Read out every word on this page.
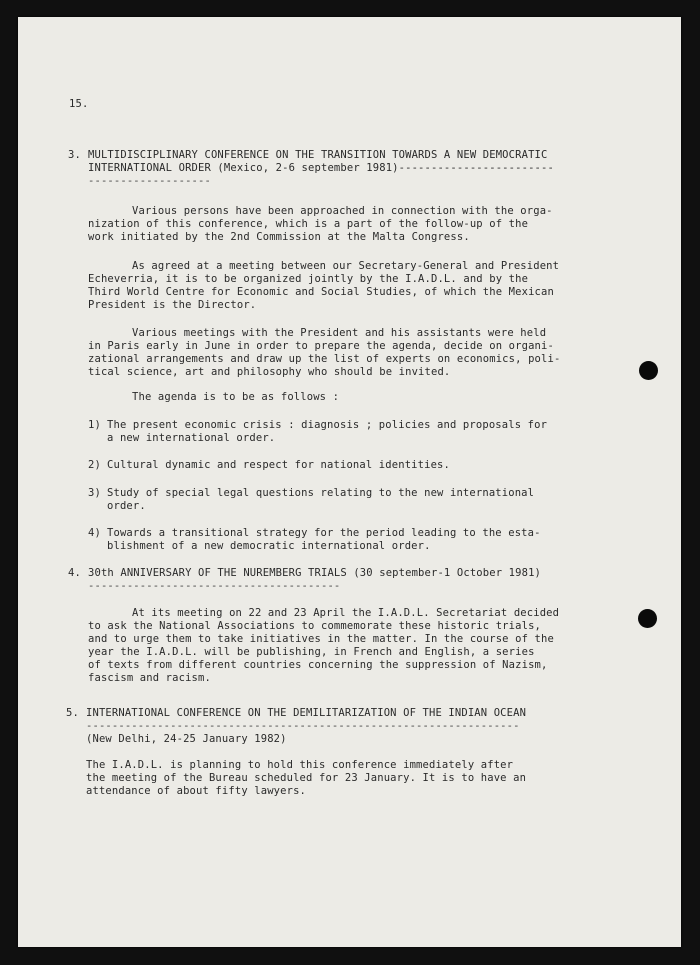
15.
3. MULTIDISCIPLINARY CONFERENCE ON THE TRANSITION TOWARDS A NEW DEMOCRATIC
INTERNATIONAL ORDER (Mexico, 2-6 september 1981)------------------------
-------------------
Various persons have been approached in connection with the orga-
nization of this conference, which is a part of the follow-up of the
work initiated by the 2nd Commission at the Malta Congress.
As agreed at a meeting between our Secretary-General and President
Echeverria, it is to be organized jointly by the I.A.D.L. and by the
Third World Centre for Economic and Social Studies, of which the Mexican
President is the Director.
Various meetings with the President and his assistants were held
in Paris early in June in order to prepare the agenda, decide on organi-
zational arrangements and draw up the list of experts on economics, poli-
tical science, art and philosophy who should be invited.
The agenda is to be as follows :
1) The present economic crisis : diagnosis ; policies and proposals for
a new international order.
2) Cultural dynamic and respect for national identities.
3) Study of special legal questions relating to the new international
order.
4) Towards a transitional strategy for the period leading to the esta-
blishment of a new democratic international order.
4. 30th ANNIVERSARY OF THE NUREMBERG TRIALS (30 september-1 October 1981)
---------------------------------------
At its meeting on 22 and 23 April the I.A.D.L. Secretariat decided
to ask the National Associations to commemorate these historic trials,
and to urge them to take initiatives in the matter. In the course of the
year the I.A.D.L. will be publishing, in French and English, a series
of texts from different countries concerning the suppression of Nazism,
fascism and racism.
5. INTERNATIONAL CONFERENCE ON THE DEMILITARIZATION OF THE INDIAN OCEAN
-------------------------------------------------------------------
(New Delhi, 24-25 January 1982)
The I.A.D.L. is planning to hold this conference immediately after
the meeting of the Bureau scheduled for 23 January. It is to have an
attendance of about fifty lawyers.
